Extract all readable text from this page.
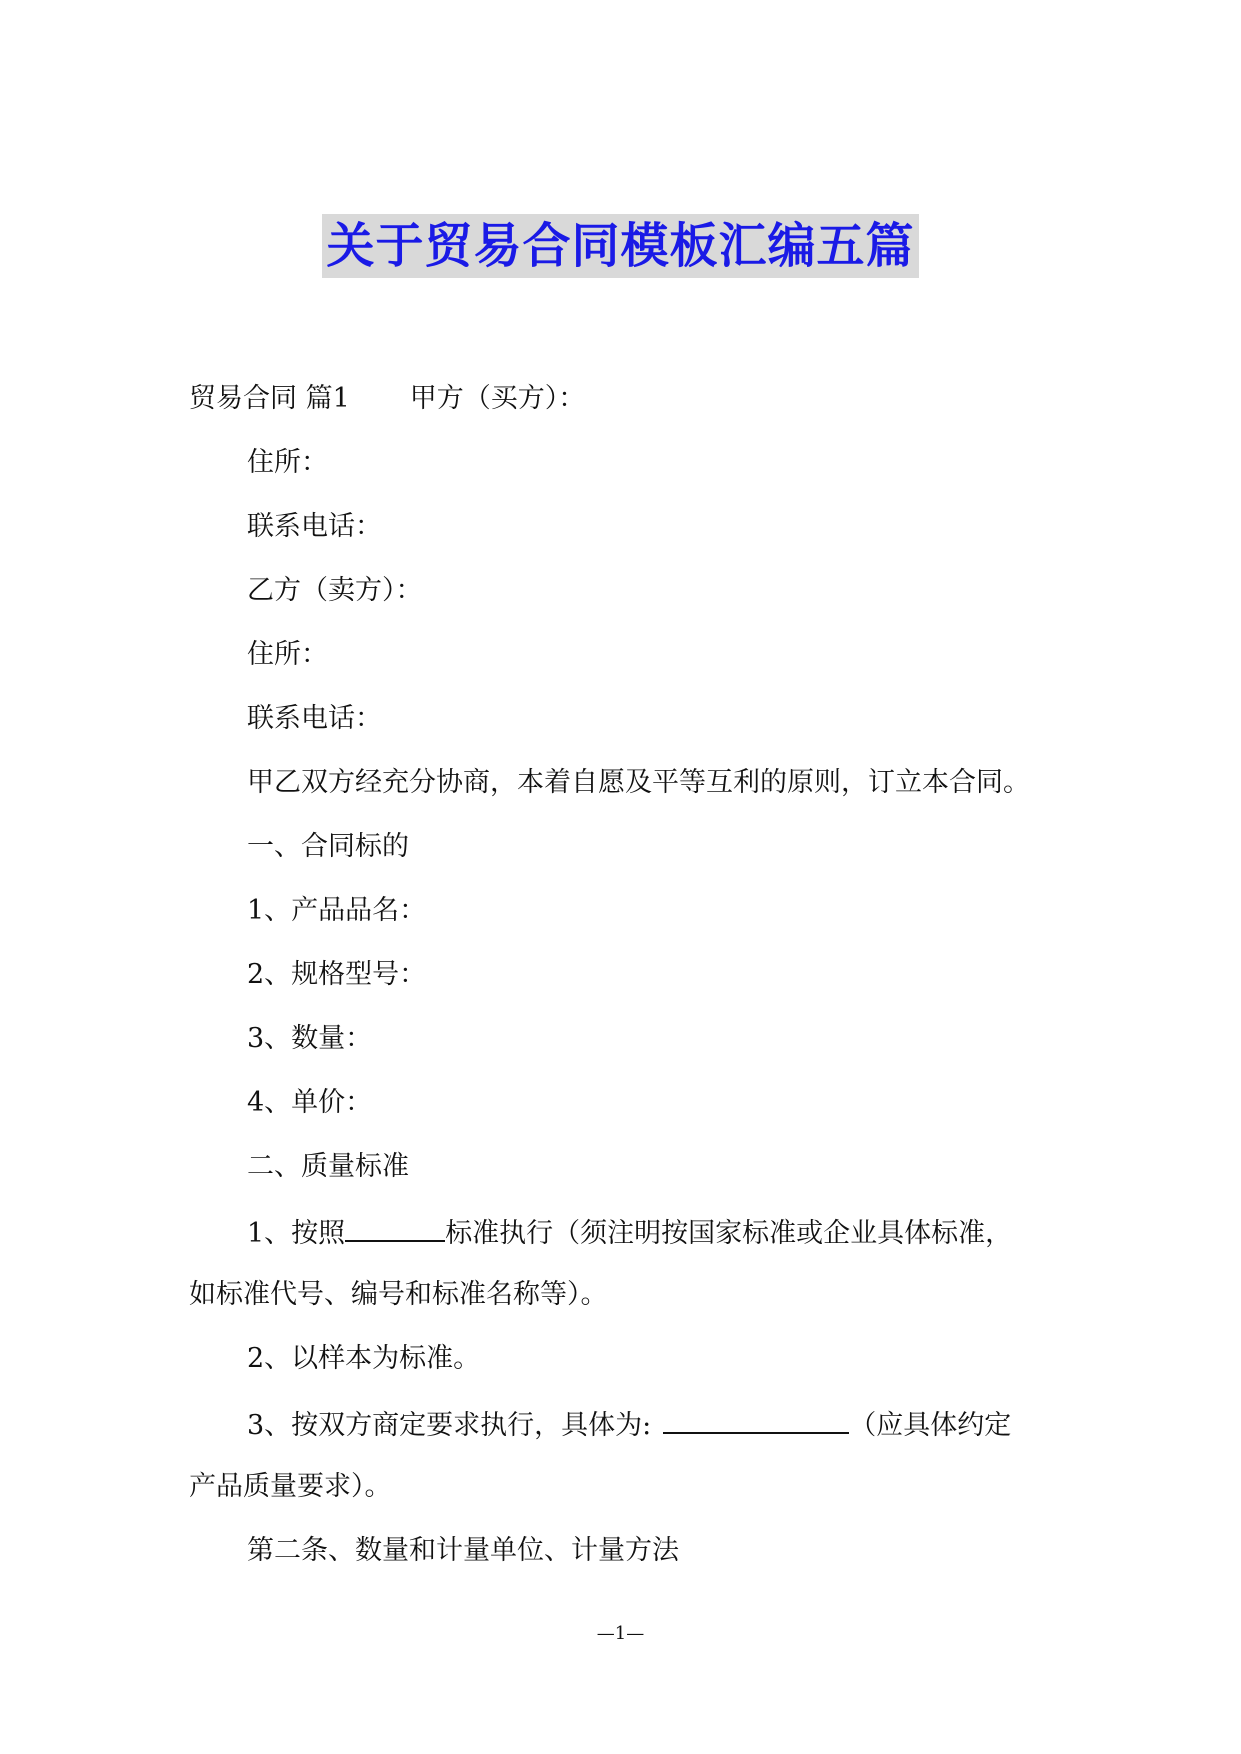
关于贸易合同模板汇编五篇
贸易合同 篇1 甲方（买方）：
住所：
联系电话：
乙方（卖方）：
住所：
联系电话：
甲乙双方经充分协商，本着自愿及平等互利的原则，订立本合同。
一、合同标的
1、产品品名：
2、规格型号：
3、数量：
4、单价：
二、质量标准
1、按照	标准执行（须注明按国家标准或企业具体标准，
如标准代号、编号和标准名称等）。
2、以样本为标准。
3、按双方商定要求执行，具体为:	（应具体约定
产品质量要求）。
第二条、数量和计量单位、计量方法
—1—
